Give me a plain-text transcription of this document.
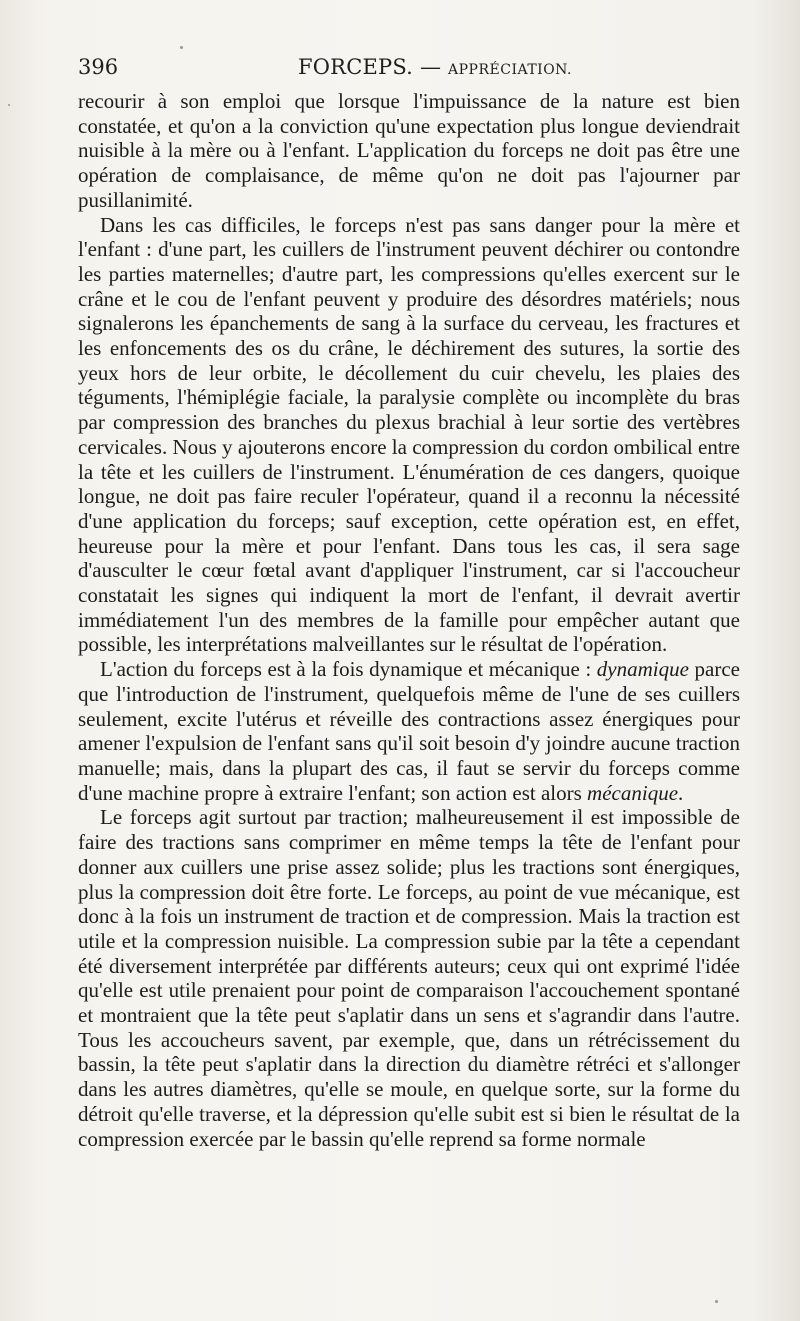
396	FORCEPS. — APPRÉCIATION.

recourir à son emploi que lorsque l'impuissance de la nature est bien constatée, et qu'on a la conviction qu'une expectation plus longue deviendrait nuisible à la mère ou à l'enfant. L'application du forceps ne doit pas être une opération de complaisance, de même qu'on ne doit pas l'ajourner par pusillanimité.

Dans les cas difficiles, le forceps n'est pas sans danger pour la mère et l'enfant : d'une part, les cuillers de l'instrument peuvent déchirer ou contondre les parties maternelles; d'autre part, les compressions qu'elles exercent sur le crâne et le cou de l'enfant peuvent y produire des désordres matériels; nous signalerons les épanchements de sang à la surface du cerveau, les fractures et les enfoncements des os du crâne, le déchirement des sutures, la sortie des yeux hors de leur orbite, le décollement du cuir chevelu, les plaies des téguments, l'hémiplégie faciale, la paralysie complète ou incomplète du bras par compression des branches du plexus brachial à leur sortie des vertèbres cervicales. Nous y ajouterons encore la compression du cordon ombilical entre la tête et les cuillers de l'instrument. L'énumération de ces dangers, quoique longue, ne doit pas faire reculer l'opérateur, quand il a reconnu la nécessité d'une application du forceps; sauf exception, cette opération est, en effet, heureuse pour la mère et pour l'enfant. Dans tous les cas, il sera sage d'ausculter le cœur fœtal avant d'appliquer l'instrument, car si l'accoucheur constatait les signes qui indiquent la mort de l'enfant, il devrait avertir immédiatement l'un des membres de la famille pour empêcher autant que possible, les interprétations malveillantes sur le résultat de l'opération.

L'action du forceps est à la fois dynamique et mécanique : dynamique parce que l'introduction de l'instrument, quelquefois même de l'une de ses cuillers seulement, excite l'utérus et réveille des contractions assez énergiques pour amener l'expulsion de l'enfant sans qu'il soit besoin d'y joindre aucune traction manuelle; mais, dans la plupart des cas, il faut se servir du forceps comme d'une machine propre à extraire l'enfant; son action est alors mécanique.

Le forceps agit surtout par traction; malheureusement il est impossible de faire des tractions sans comprimer en même temps la tête de l'enfant pour donner aux cuillers une prise assez solide; plus les tractions sont énergiques, plus la compression doit être forte. Le forceps, au point de vue mécanique, est donc à la fois un instrument de traction et de compression. Mais la traction est utile et la compression nuisible. La compression subie par la tête a cependant été diversement interprétée par différents auteurs; ceux qui ont exprimé l'idée qu'elle est utile prenaient pour point de comparaison l'accouchement spontané et montraient que la tête peut s'aplatir dans un sens et s'agrandir dans l'autre. Tous les accoucheurs savent, par exemple, que, dans un rétrécissement du bassin, la tête peut s'aplatir dans la direction du diamètre rétréci et s'allonger dans les autres diamètres, qu'elle se moule, en quelque sorte, sur la forme du détroit qu'elle traverse, et la dépression qu'elle subit est si bien le résultat de la compression exercée par le bassin qu'elle reprend sa forme normale
